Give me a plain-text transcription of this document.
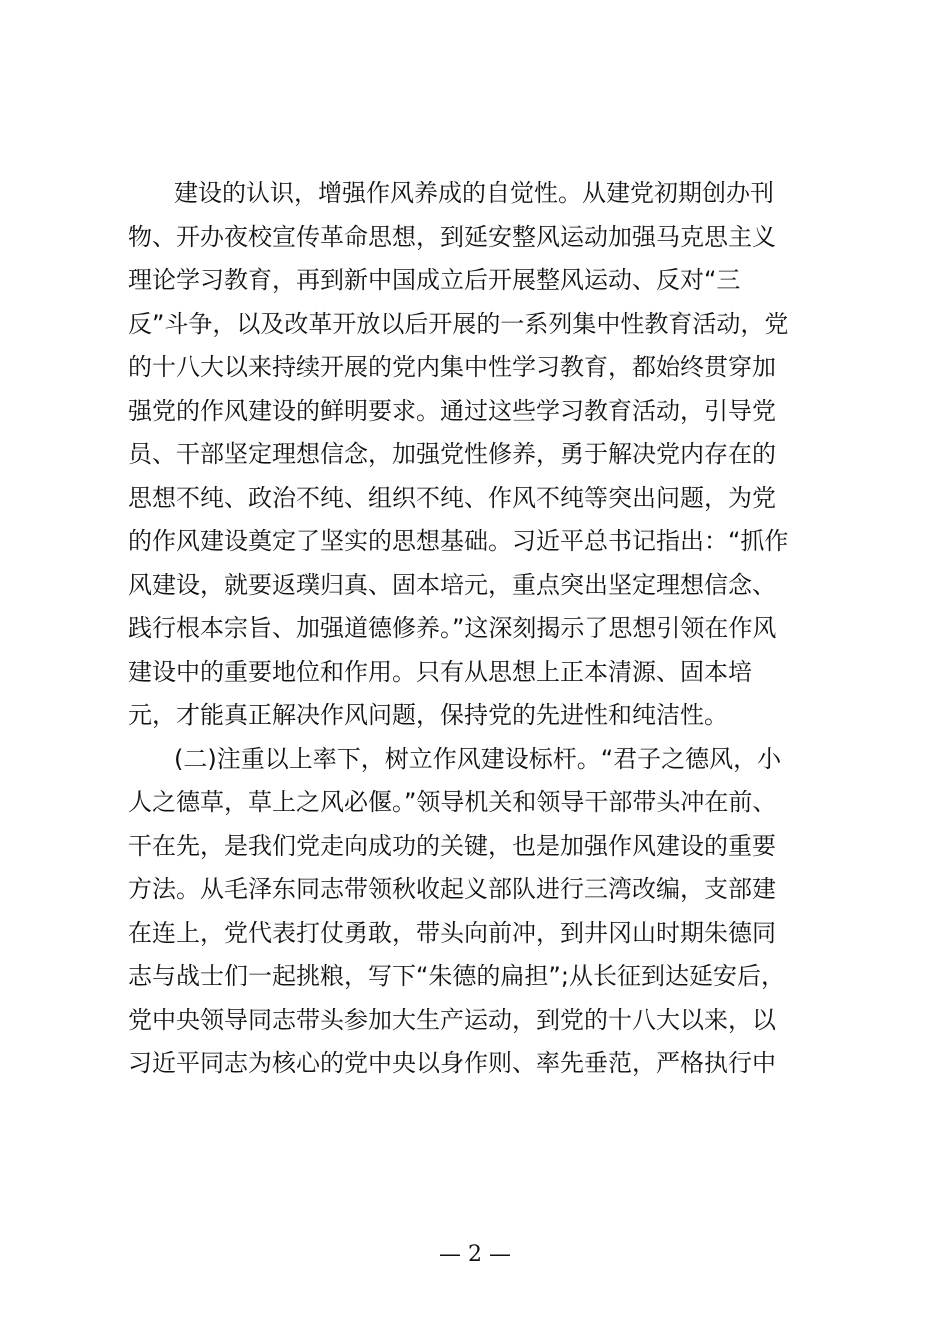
建设的认识，增强作风养成的自觉性。从建党初期创办刊
物、开办夜校宣传革命思想，到延安整风运动加强马克思主义
理论学习教育，再到新中国成立后开展整风运动、反对“三
反”斗争，以及改革开放以后开展的一系列集中性教育活动，党
的十八大以来持续开展的党内集中性学习教育，都始终贯穿加
强党的作风建设的鲜明要求。通过这些学习教育活动，引导党
员、干部坚定理想信念，加强党性修养，勇于解决党内存在的
思想不纯、政治不纯、组织不纯、作风不纯等突出问题，为党
的作风建设奠定了坚实的思想基础。习近平总书记指出：“抓作
风建设，就要返璞归真、固本培元，重点突出坚定理想信念、
践行根本宗旨、加强道德修养。”这深刻揭示了思想引领在作风
建设中的重要地位和作用。只有从思想上正本清源、固本培
元，才能真正解决作风问题，保持党的先进性和纯洁性。
(二)注重以上率下，树立作风建设标杆。“君子之德风，小
人之德草，草上之风必偃。”领导机关和领导干部带头冲在前、
干在先，是我们党走向成功的关键，也是加强作风建设的重要
方法。从毛泽东同志带领秋收起义部队进行三湾改编，支部建
在连上，党代表打仗勇敢，带头向前冲，到井冈山时期朱德同
志与战士们一起挑粮，写下“朱德的扁担”;从长征到达延安后，
党中央领导同志带头参加大生产运动，到党的十八大以来，以
习近平同志为核心的党中央以身作则、率先垂范，严格执行中
— 2 —
